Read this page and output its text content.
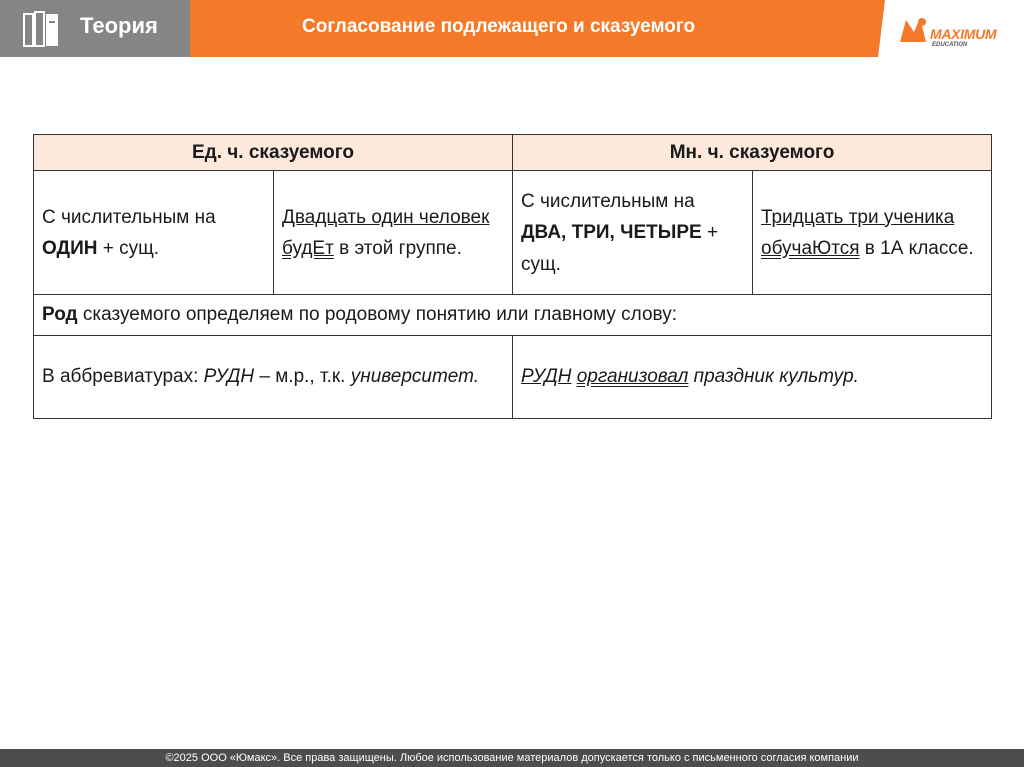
Теория	Согласование подлежащего и сказуемого	MAXIMUM
EDUCATION
Ед. ч. сказуемого		Мн. ч. сказуемого	
С числительным на ОДИН + сущ.	Двадцать один человек будЕт в этой группе.	С числительным на ДВА, ТРИ, ЧЕТЫРЕ + сущ.	Тридцать три ученика обучаЮтся в 1А классе.
Род сказуемого определяем по родовому понятию или главному слову:			
В аббревиатурах: РУДН – м.р., т.к. университет.		РУДН организовал праздник культур.	
©2025 ООО «Юмакс». Все права защищены. Любое использование материалов допускается только с письменного согласия компании
